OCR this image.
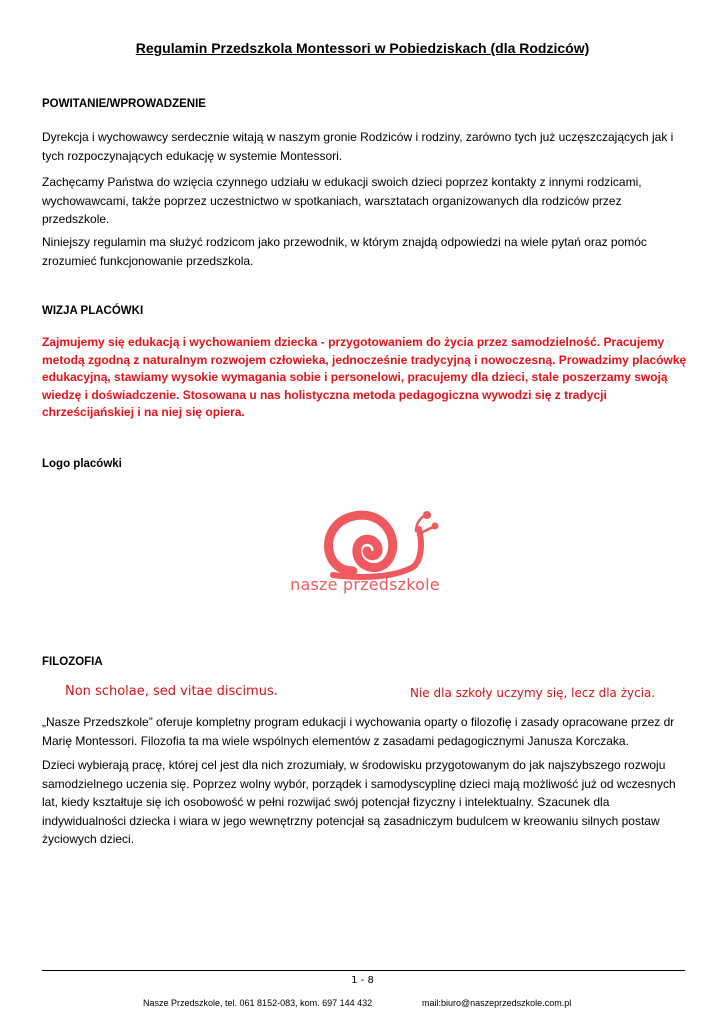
Regulamin Przedszkola Montessori w Pobiedziskach (dla Rodziców)
POWITANIE/WPROWADZENIE
Dyrekcja i wychowawcy serdecznie witają w naszym gronie Rodziców i rodziny, zarówno tych już uczęszczających jak i tych rozpoczynających edukację w systemie Montessori.
Zachęcamy Państwa do wzięcia czynnego udziału w edukacji swoich dzieci poprzez kontakty z innymi rodzicami, wychowawcami, także poprzez uczestnictwo w spotkaniach, warsztatach organizowanych dla rodziców przez przedszkole.
Niniejszy regulamin ma służyć rodzicom jako przewodnik, w którym znajdą odpowiedzi na wiele pytań oraz pomóc zrozumieć funkcjonowanie przedszkola.
WIZJA PLACÓWKI
Zajmujemy się edukacją i wychowaniem dziecka - przygotowaniem do życia przez samodzielność. Pracujemy metodą zgodną z naturalnym rozwojem człowieka, jednocześnie tradycyjną i nowoczesną. Prowadzimy placówkę edukacyjną, stawiamy wysokie wymagania sobie i personelowi, pracujemy dla dzieci, stale poszerzamy swoją wiedzę i doświadczenie. Stosowana u nas holistyczna metoda pedagogiczna wywodzi się z tradycji chrześcijańskiej i na niej się opiera.
Logo placówki
nasze przedszkole
FILOZOFIA
Non scholae, sed vitae discimus.	Nie dla szkoły uczymy się, lecz dla życia.
„Nasze Przedszkole” oferuje kompletny program edukacji i wychowania oparty o filozofię i zasady opracowane przez dr Marię Montessori. Filozofia ta ma wiele wspólnych elementów z zasadami pedagogicznymi Janusza Korczaka.
Dzieci wybierają pracę, której cel jest dla nich zrozumiały, w środowisku przygotowanym do jak najszybszego rozwoju samodzielnego uczenia się. Poprzez wolny wybór, porządek i samodyscyplinę dzieci mają możliwość już od wczesnych lat, kiedy kształtuje się ich osobowość w pełni rozwijać swój potencjał fizyczny i intelektualny. Szacunek dla indywidualności dziecka i wiara w jego wewnętrzny potencjał są zasadniczym budulcem w kreowaniu silnych postaw życiowych dzieci.
1 - 8
Nasze Przedszkole, tel. 061 8152-083, kom. 697 144 432	mail:biuro@naszeprzedszkole.com.pl
